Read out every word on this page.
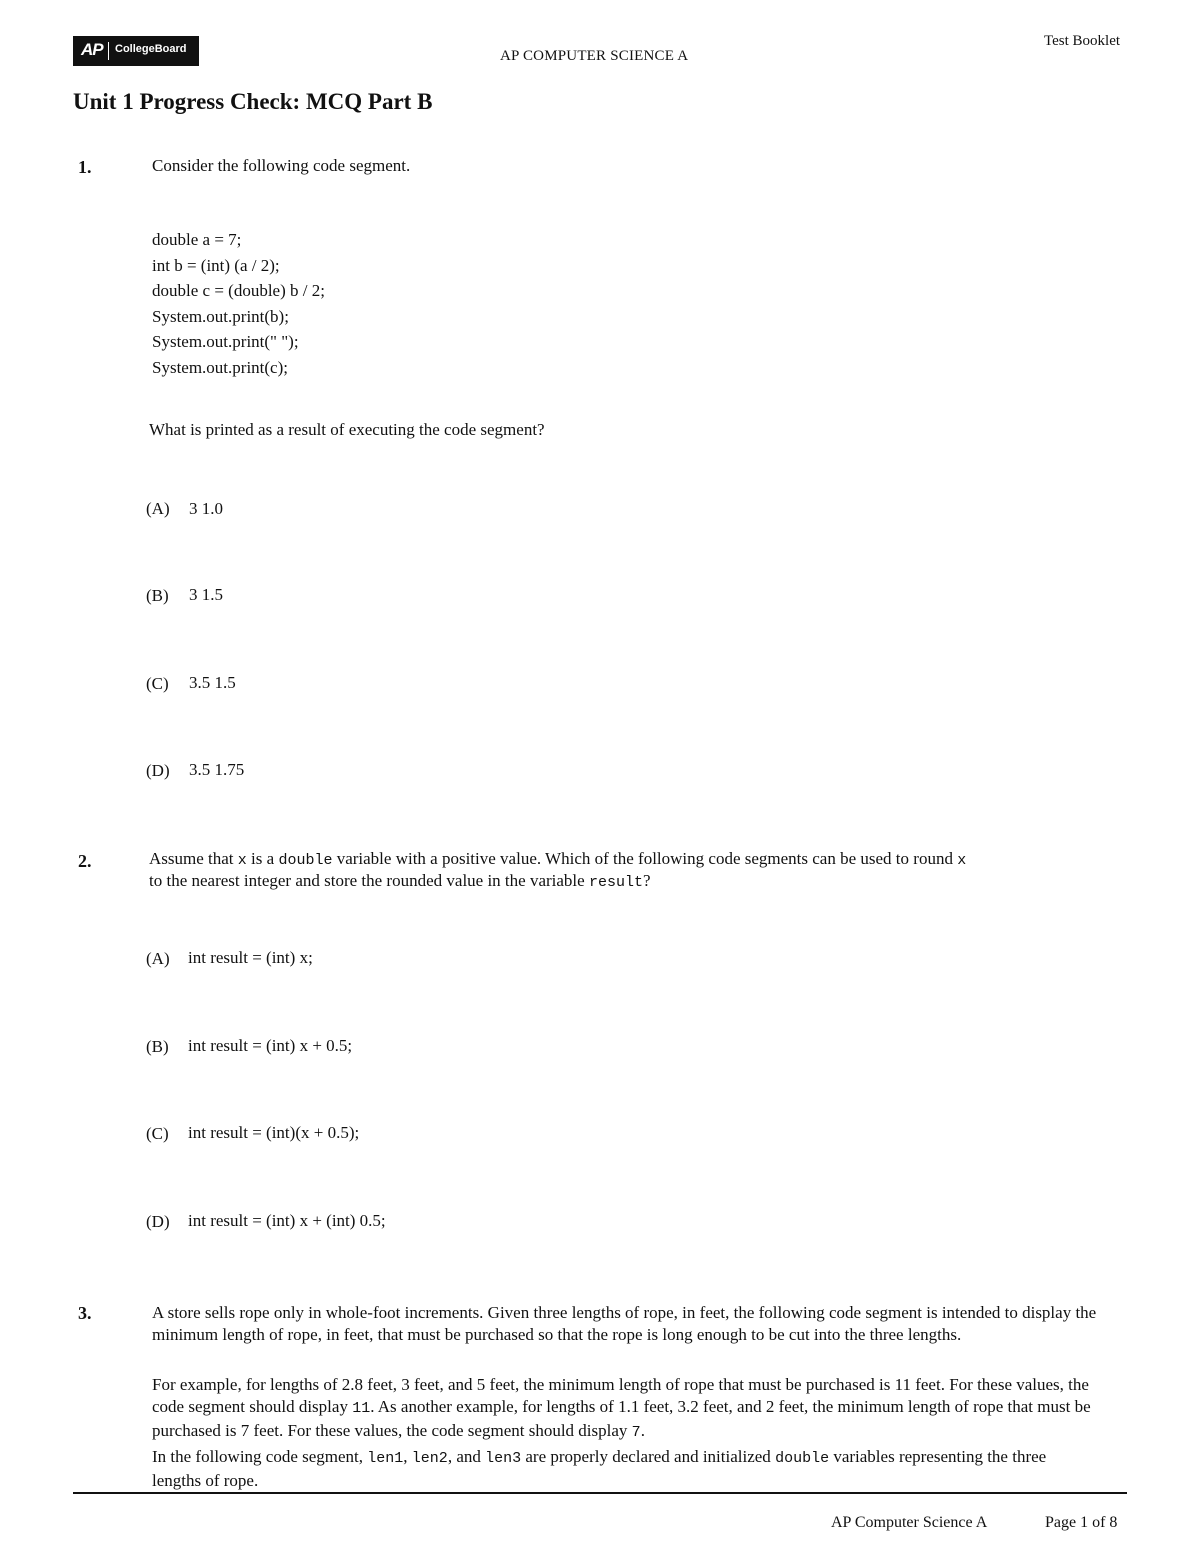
AP CollegeBoard	AP COMPUTER SCIENCE A
Test Booklet
Unit 1 Progress Check: MCQ Part B
1.	Consider the following code segment.
double a = 7;
int b = (int) (a / 2);
double c = (double) b / 2;
System.out.print(b);
System.out.print(" ");
System.out.print(c);
What is printed as a result of executing the code segment?
(A) 3 1.0
(B) 3 1.5
(C) 3.5 1.5
(D) 3.5 1.75
2.	Assume that x is a double variable with a positive value. Which of the following code segments can be used to round x
to the nearest integer and store the rounded value in the variable result?
(A) int result = (int) x;
(B) int result = (int) x + 0.5;
(C) int result = (int)(x + 0.5);
(D) int result = (int) x + (int) 0.5;
3.	A store sells rope only in whole-foot increments. Given three lengths of rope, in feet, the following code segment is intended to display the minimum length of rope, in feet, that must be purchased so that the rope is long enough to be cut into the three lengths.
For example, for lengths of 2.8 feet, 3 feet, and 5 feet, the minimum length of rope that must be purchased is 11 feet. For these values, the code segment should display 11. As another example, for lengths of 1.1 feet, 3.2 feet, and 2 feet, the minimum length of rope that must be purchased is 7 feet. For these values, the code segment should display 7.
In the following code segment, len1, len2, and len3 are properly declared and initialized double variables representing the three lengths of rope.
AP Computer Science A	Page 1 of 8
